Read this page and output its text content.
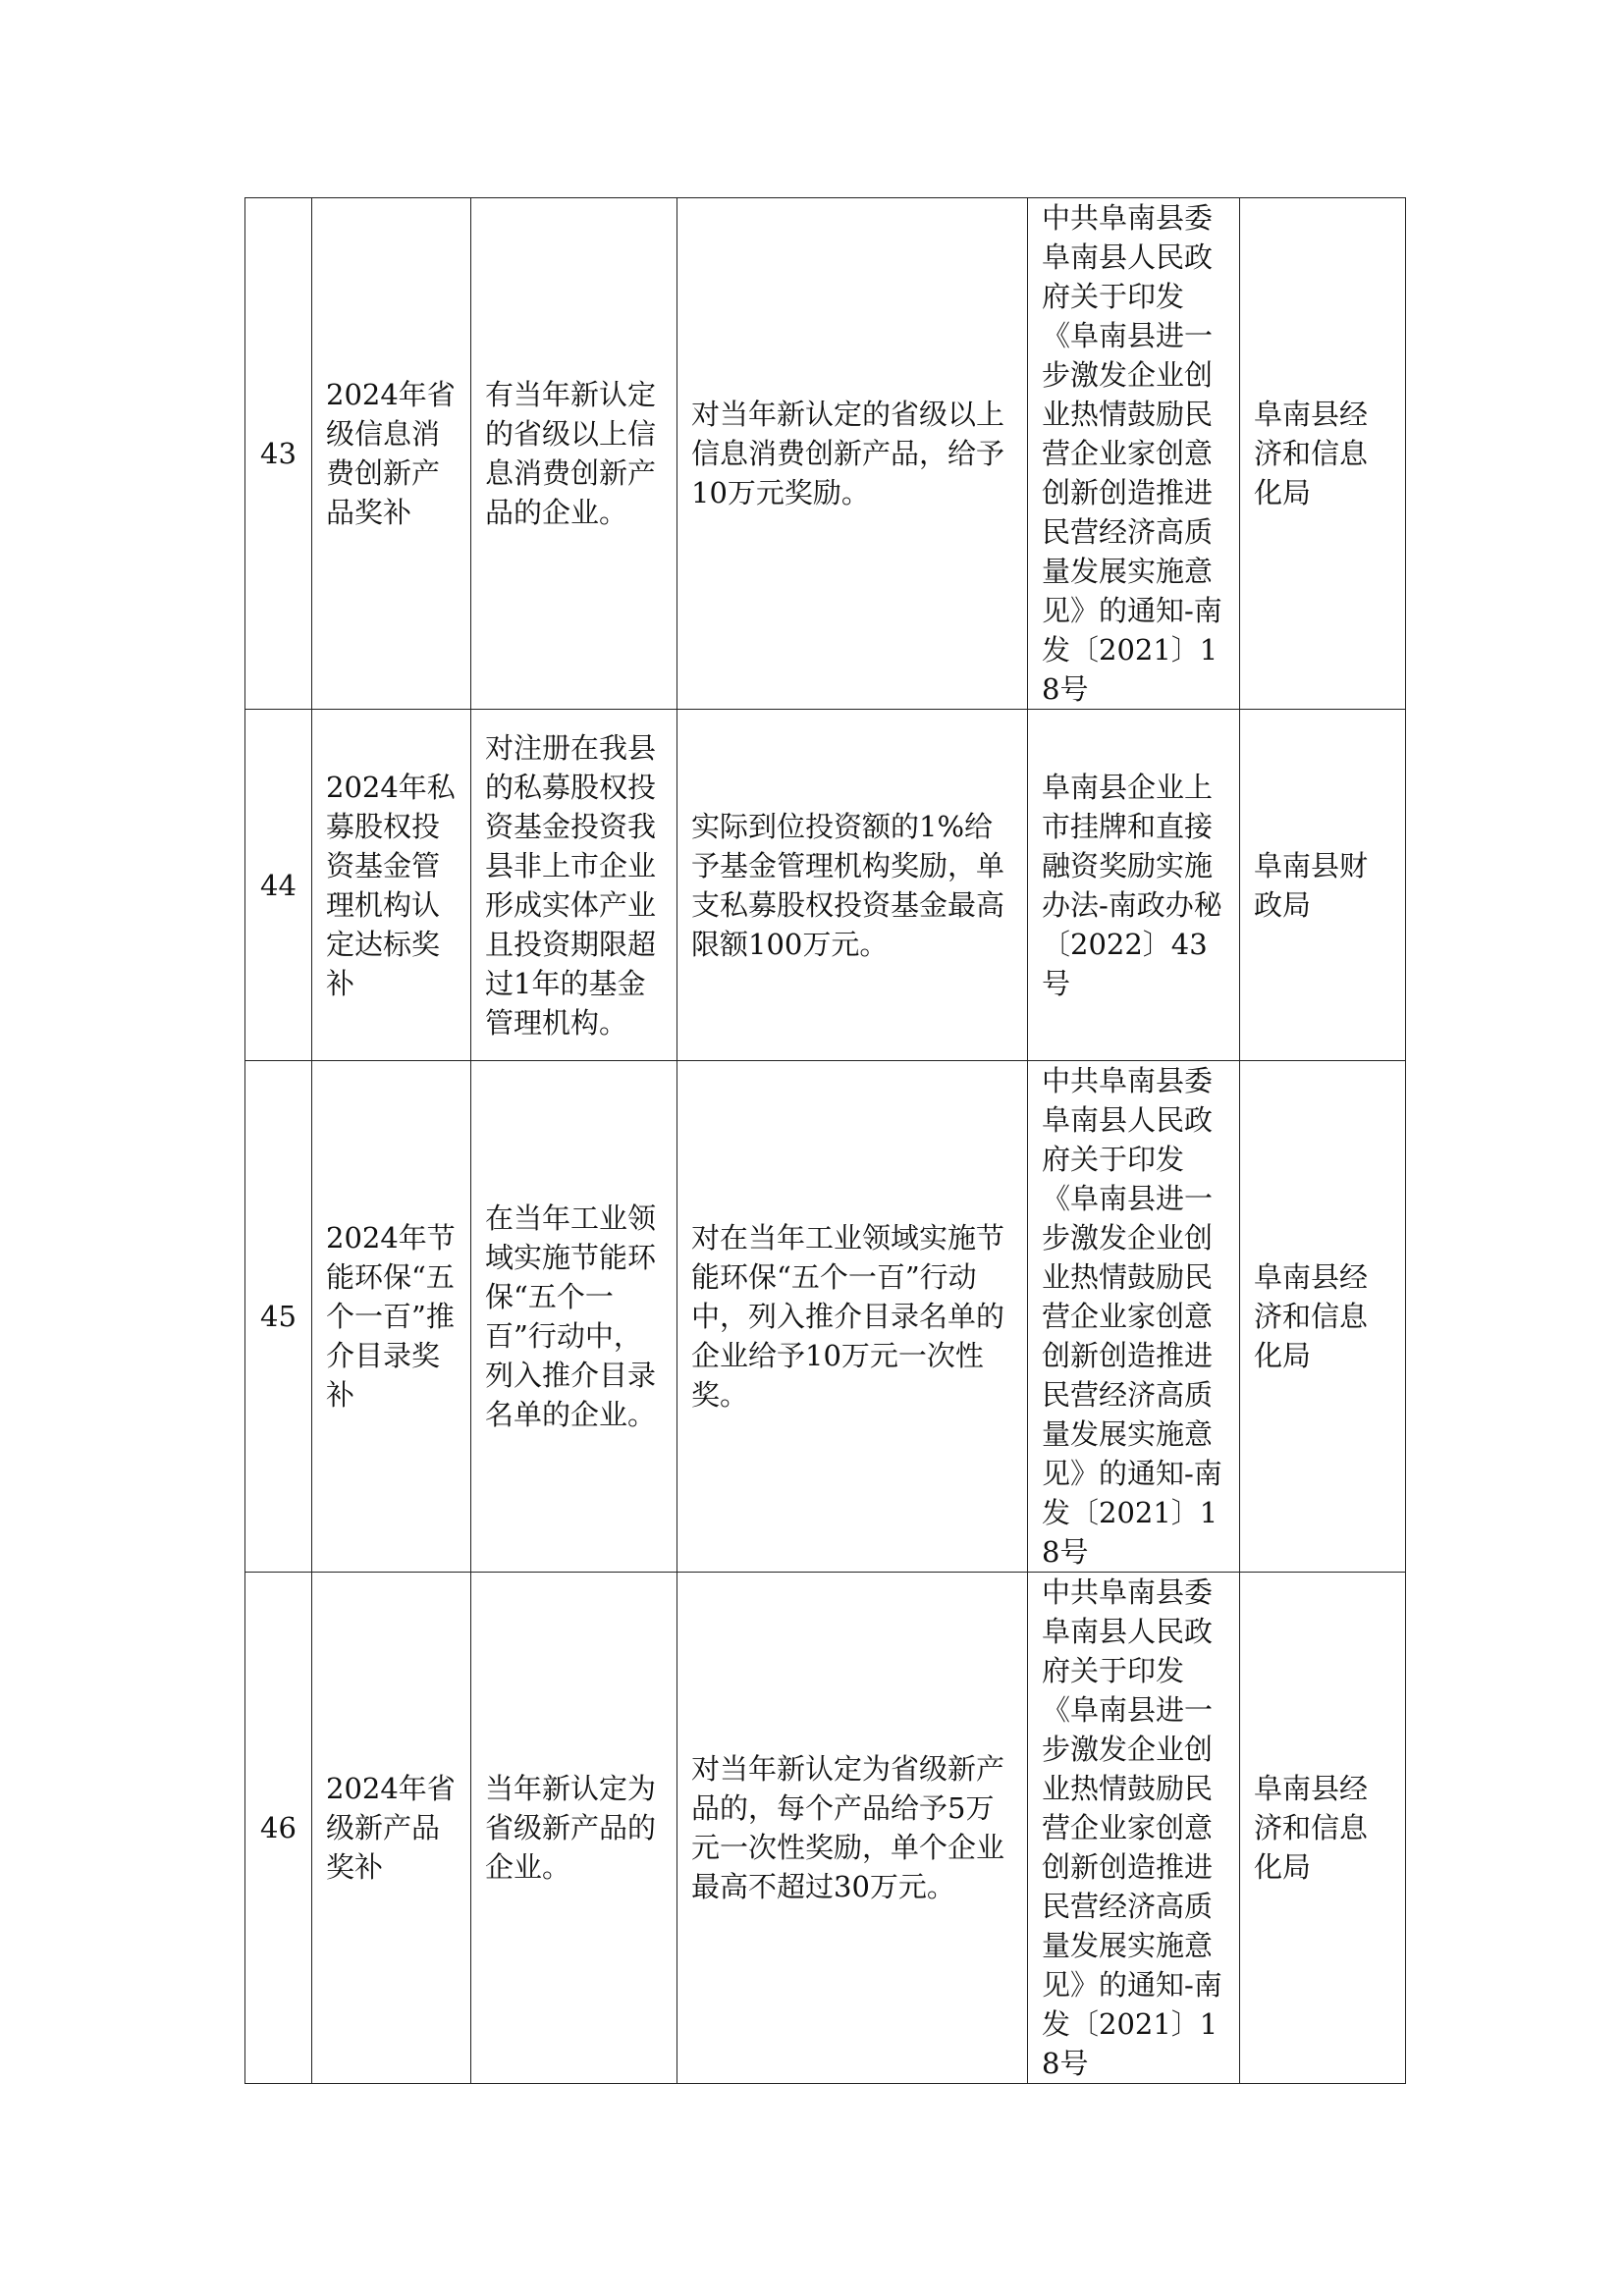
43	2024年省级信息消费创新产品奖补	有当年新认定的省级以上信息消费创新产品的企业。	对当年新认定的省级以上信息消费创新产品，给予10万元奖励。	中共阜南县委阜南县人民政府关于印发《阜南县进一步激发企业创业热情鼓励民营企业家创意创新创造推进民营经济高质量发展实施意见》的通知-南发〔2021〕18号	阜南县经济和信息化局
44	2024年私募股权投资基金管理机构认定达标奖补	对注册在我县的私募股权投资基金投资我县非上市企业形成实体产业且投资期限超过1年的基金管理机构。	实际到位投资额的1%给予基金管理机构奖励，单支私募股权投资基金最高限额100万元。	阜南县企业上市挂牌和直接融资奖励实施办法-南政办秘〔2022〕43号	阜南县财政局
45	2024年节能环保“五个一百”推介目录奖补	在当年工业领域实施节能环保“五个一百”行动中，列入推介目录名单的企业。	对在当年工业领域实施节能环保“五个一百”行动中，列入推介目录名单的企业给予10万元一次性奖。	中共阜南县委阜南县人民政府关于印发《阜南县进一步激发企业创业热情鼓励民营企业家创意创新创造推进民营经济高质量发展实施意见》的通知-南发〔2021〕18号	阜南县经济和信息化局
46	2024年省级新产品奖补	当年新认定为省级新产品的企业。	对当年新认定为省级新产品的，每个产品给予5万元一次性奖励，单个企业最高不超过30万元。	中共阜南县委阜南县人民政府关于印发《阜南县进一步激发企业创业热情鼓励民营企业家创意创新创造推进民营经济高质量发展实施意见》的通知-南发〔2021〕18号	阜南县经济和信息化局
